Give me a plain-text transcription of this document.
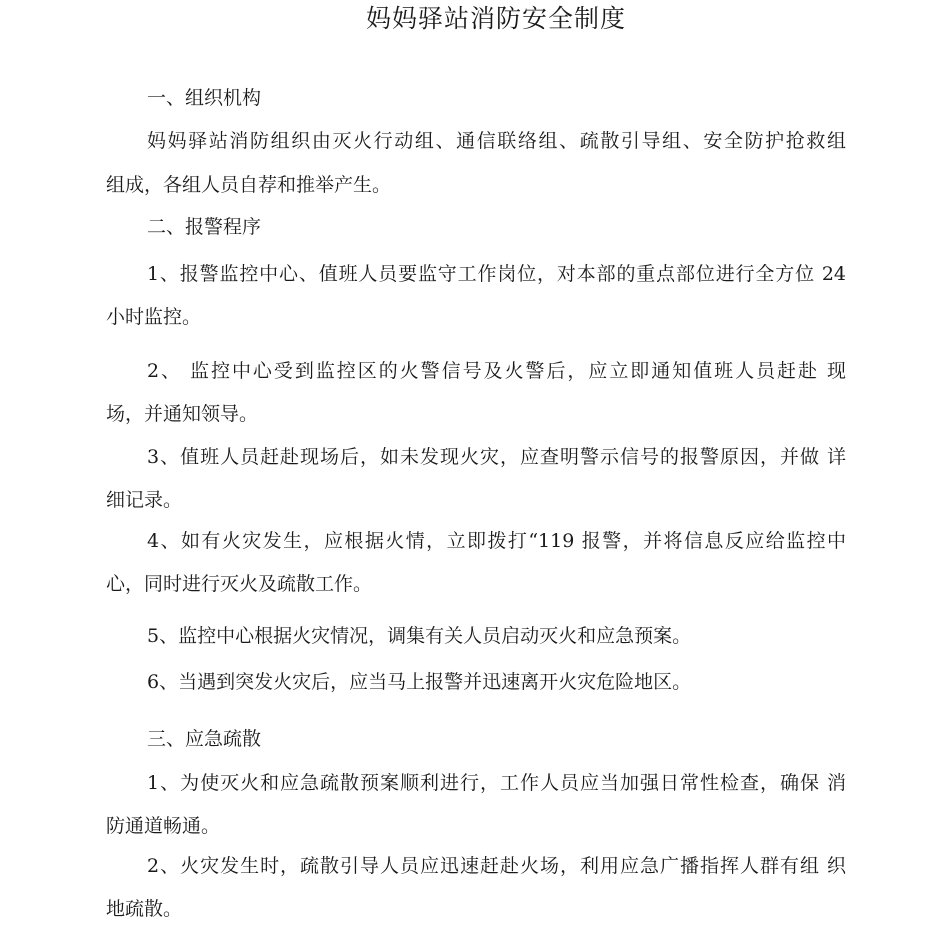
妈妈驿站消防安全制度

一、组织机构

妈妈驿站消防组织由灭火行动组、通信联络组、疏散引导组、安全防护抢救组

组成，各组人员自荐和推举产生。

二、报警程序

1、报警监控中心、值班人员要监守工作岗位，对本部的重点部位进行全方位 24

小时监控。

2、 监控中心受到监控区的火警信号及火警后，应立即通知值班人员赶赴 现

场，并通知领导。

3、值班人员赶赴现场后，如未发现火灾，应查明警示信号的报警原因，并做 详

细记录。

4、如有火灾发生，应根据火情，立即拨打“119 报警，并将信息反应给监控中

心，同时进行灭火及疏散工作。

5、监控中心根据火灾情况，调集有关人员启动灭火和应急预案。

6、当遇到突发火灾后，应当马上报警并迅速离开火灾危险地区。

三、应急疏散

1、为使灭火和应急疏散预案顺利进行，工作人员应当加强日常性检查，确保 消

防通道畅通。

2、火灾发生时，疏散引导人员应迅速赶赴火场，利用应急广播指挥人群有组 织

地疏散。
